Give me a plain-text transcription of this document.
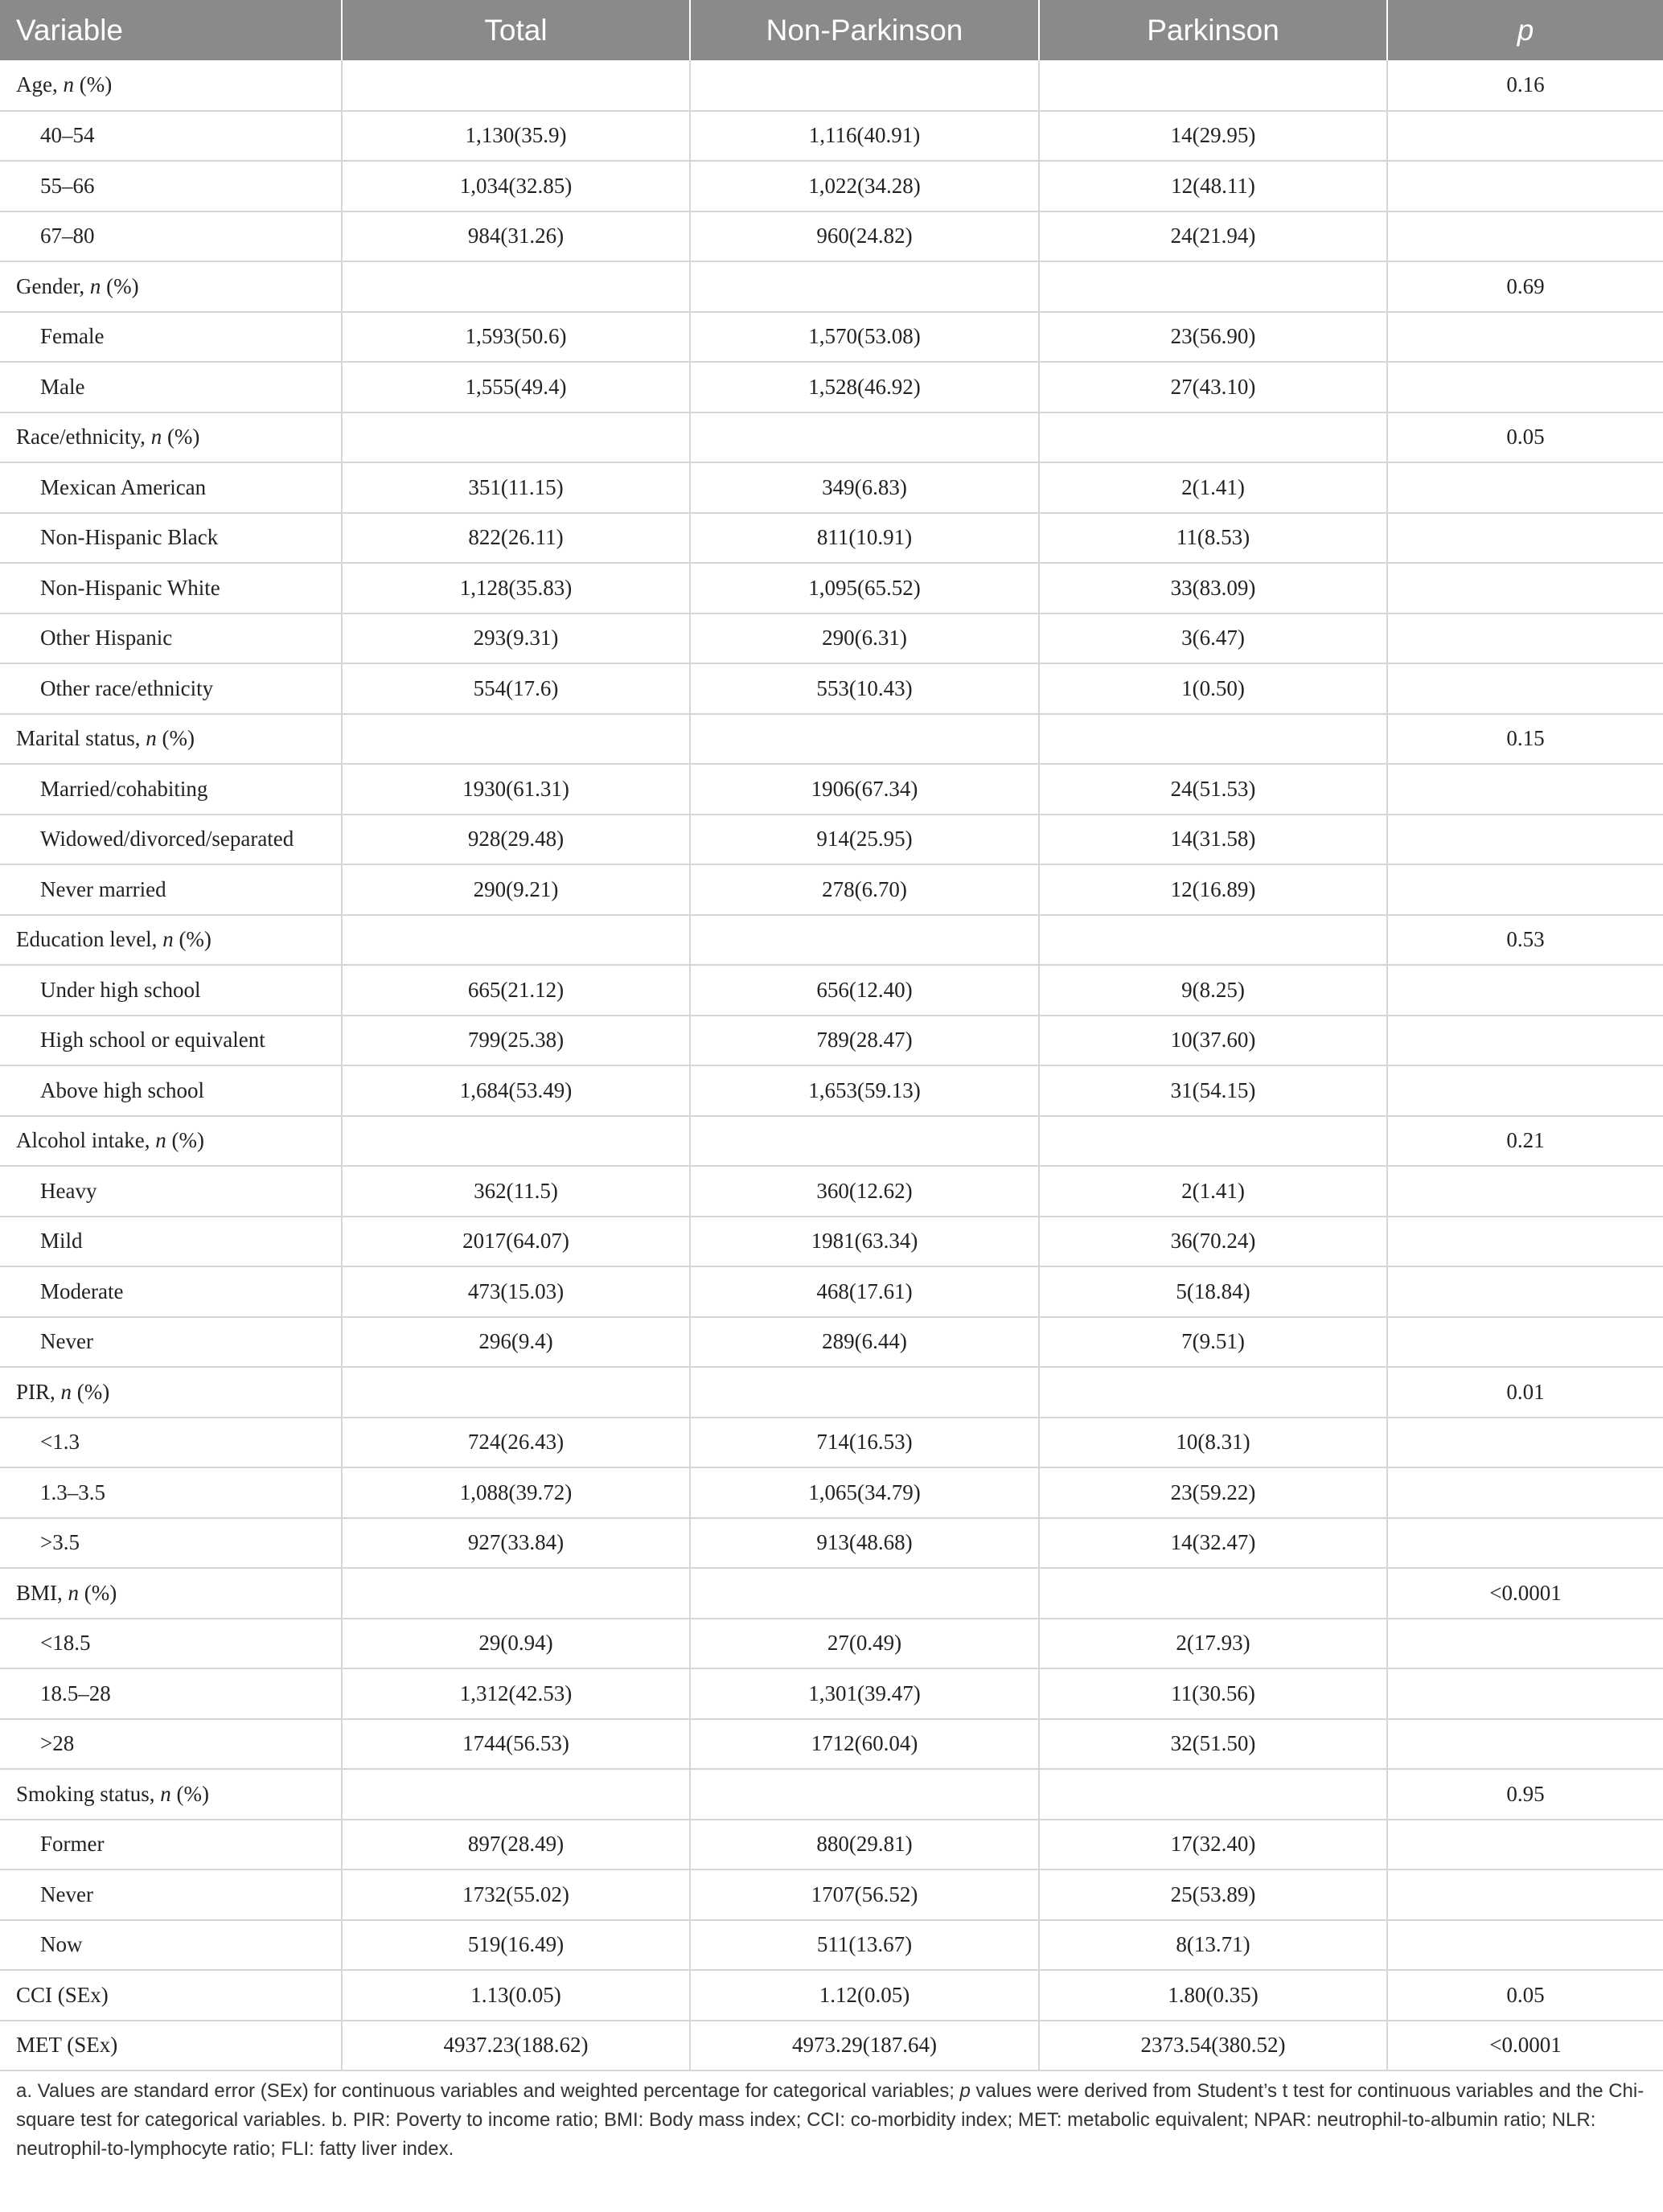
Variable	Total	Non-Parkinson	Parkinson	p
Age, n (%)				0.16
40–54	1,130(35.9)	1,116(40.91)	14(29.95)	
55–66	1,034(32.85)	1,022(34.28)	12(48.11)	
67–80	984(31.26)	960(24.82)	24(21.94)	
Gender, n (%)				0.69
Female	1,593(50.6)	1,570(53.08)	23(56.90)	
Male	1,555(49.4)	1,528(46.92)	27(43.10)	
Race/ethnicity, n (%)				0.05
Mexican American	351(11.15)	349(6.83)	2(1.41)	
Non-Hispanic Black	822(26.11)	811(10.91)	11(8.53)	
Non-Hispanic White	1,128(35.83)	1,095(65.52)	33(83.09)	
Other Hispanic	293(9.31)	290(6.31)	3(6.47)	
Other race/ethnicity	554(17.6)	553(10.43)	1(0.50)	
Marital status, n (%)				0.15
Married/cohabiting	1930(61.31)	1906(67.34)	24(51.53)	
Widowed/divorced/separated	928(29.48)	914(25.95)	14(31.58)	
Never married	290(9.21)	278(6.70)	12(16.89)	
Education level, n (%)				0.53
Under high school	665(21.12)	656(12.40)	9(8.25)	
High school or equivalent	799(25.38)	789(28.47)	10(37.60)	
Above high school	1,684(53.49)	1,653(59.13)	31(54.15)	
Alcohol intake, n (%)				0.21
Heavy	362(11.5)	360(12.62)	2(1.41)	
Mild	2017(64.07)	1981(63.34)	36(70.24)	
Moderate	473(15.03)	468(17.61)	5(18.84)	
Never	296(9.4)	289(6.44)	7(9.51)	
PIR, n (%)				0.01
<1.3	724(26.43)	714(16.53)	10(8.31)	
1.3–3.5	1,088(39.72)	1,065(34.79)	23(59.22)	
>3.5	927(33.84)	913(48.68)	14(32.47)	
BMI, n (%)				<0.0001
<18.5	29(0.94)	27(0.49)	2(17.93)	
18.5–28	1,312(42.53)	1,301(39.47)	11(30.56)	
>28	1744(56.53)	1712(60.04)	32(51.50)	
Smoking status, n (%)				0.95
Former	897(28.49)	880(29.81)	17(32.40)	
Never	1732(55.02)	1707(56.52)	25(53.89)	
Now	519(16.49)	511(13.67)	8(13.71)	
CCI (SEx)	1.13(0.05)	1.12(0.05)	1.80(0.35)	0.05
MET (SEx)	4937.23(188.62)	4973.29(187.64)	2373.54(380.52)	<0.0001
a. Values are standard error (SEx) for continuous variables and weighted percentage for categorical variables; p values were derived from Student’s t test for continuous variables and the Chi-square test for categorical variables. b. PIR: Poverty to income ratio; BMI: Body mass index; CCI: co-morbidity index; MET: metabolic equivalent; NPAR: neutrophil-to-albumin ratio; NLR: neutrophil-to-lymphocyte ratio; FLI: fatty liver index.
